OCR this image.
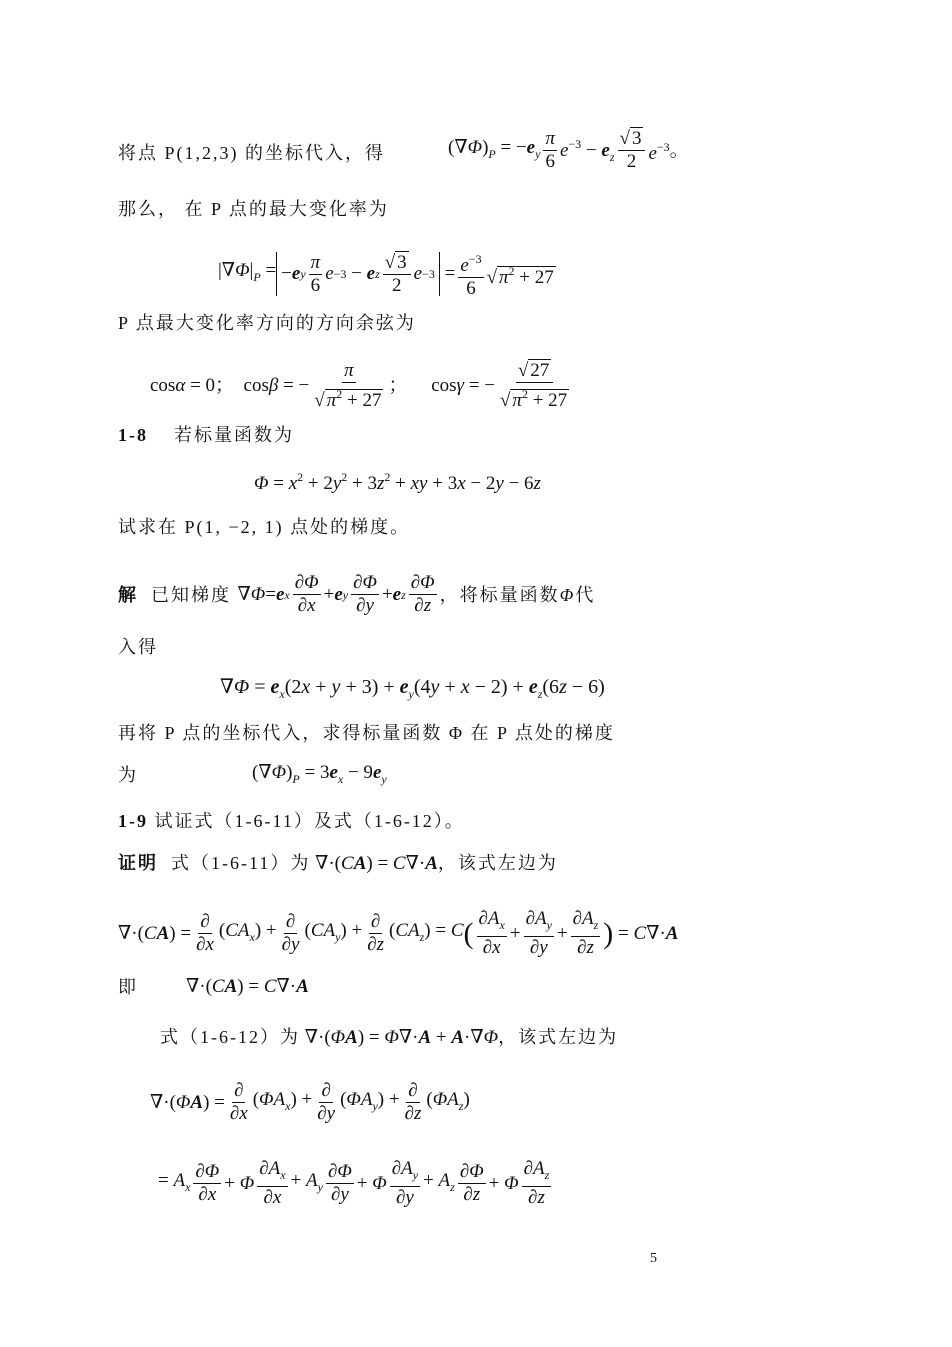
将点 P(1,2,3) 的坐标代入，得	$(\nabla\Phi)_P = -e_y \frac{\pi}{6} e^{-3} - e_z \frac{√ 3}{2} e^{-3}$ 。
那么， 在 P 点的最大变化率为
$|\nabla\Phi|_P$ = − e y $\frac{\pi}{6}$ e −3 − e z $\frac{√ 3}{2}$ $e -3 = \frac{e^{-3}}{6}$ √ $\pi^2 + 27$
P 点最大变化率方向的方向余弦为
cosα = 0；  cosβ = − $\frac{\pi}{√ \pi^2 + 27}$ ；     cosγ = − $\frac{√ 27}{√ \pi^2 + 27}$
1-8 若标量函数为
$\Phi = x^2 + 2y^2 + 3z^2$ + xy + 3x − 2y − 6z
试求在 P(1, −2, 1) 点处的梯度。
解
已知梯度
∇ Φ = e x $\frac{\partial\Phi}{\partial x} + e$ y $\frac{\partial\Phi}{\partial y} + e$ z $\frac{\partial\Phi}{\partial z}$ ，将标量函数 Φ 代
入得
$\nabla\Phi = e_x(2x + y + 3) + e_y(4y + x - 2) + e_z(6z - 6)$
再将 P 点的坐标代入，求得标量函数 Φ 在 P 点处的梯度
为	$(\nabla\Phi)_P = 3e_x - 9e_y$
1-9 试证式（1-6-11）及式（1-6-12）。
证明 式（1-6-11）为 ∇·(CA) = C∇·A，该式左边为
$\nabla\cdot(CA) = \frac{\partial}{\partial x} (CA_x) + \frac{\partial}{\partial y} (CA_y) + \frac{\partial}{\partial z} (CA_z) = C$ ( $\frac{\partial A_x}{\partial x} + \frac{\partial A_y}{\partial y} + \frac{\partial A_z}{\partial z}$ ) = C∇·A
即	∇·(CA) = C∇·A
式（1-6-12）为 ∇·(ΦA) = Φ∇·A + A·∇Φ，该式左边为
$\nabla\cdot(\Phi A) = \frac{\partial}{\partial x} (\Phi A_x) + \frac{\partial}{\partial y} (\Phi A_y) + \frac{\partial}{\partial z} (\Phi A_z)$
= $A_x \frac{\partial\Phi}{\partial x} + \Phi \frac{\partial A_x}{\partial x} + A_y \frac{\partial\Phi}{\partial y} + \Phi \frac{\partial A_y}{\partial y} + A_z \frac{\partial\Phi}{\partial z} + \Phi \frac{\partial A_z}{\partial z}$
5
